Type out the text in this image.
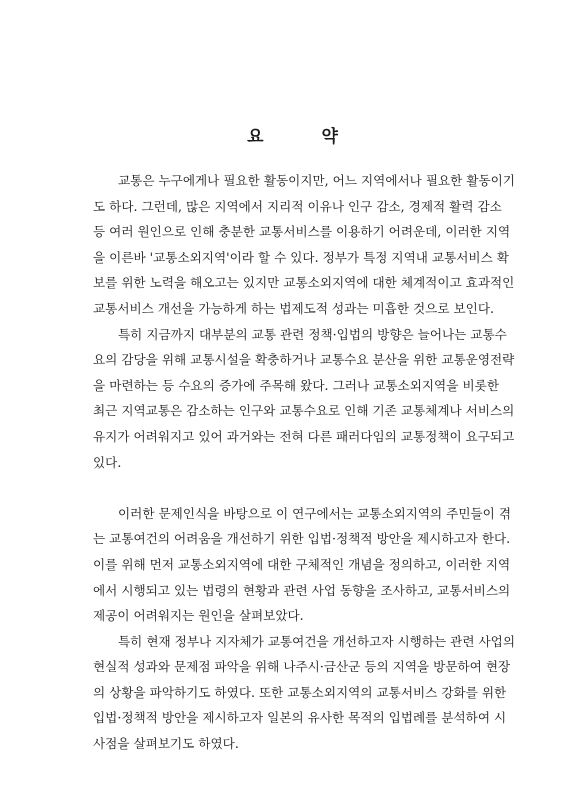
요 약

교통은 누구에게나 필요한 활동이지만, 어느 지역에서나 필요한 활동이기
도 하다. 그런데, 많은 지역에서 지리적 이유나 인구 감소, 경제적 활력 감소
등 여러 원인으로 인해 충분한 교통서비스를 이용하기 어려운데, 이러한 지역
을 이른바 '교통소외지역'이라 할 수 있다. 정부가 특정 지역내 교통서비스 확
보를 위한 노력을 해오고는 있지만 교통소외지역에 대한 체계적이고 효과적인
교통서비스 개선을 가능하게 하는 법제도적 성과는 미흡한 것으로 보인다.

특히 지금까지 대부분의 교통 관련 정책·입법의 방향은 늘어나는 교통수
요의 감당을 위해 교통시설을 확충하거나 교통수요 분산을 위한 교통운영전략
을 마련하는 등 수요의 증가에 주목해 왔다. 그러나 교통소외지역을 비롯한
최근 지역교통은 감소하는 인구와 교통수요로 인해 기존 교통체계나 서비스의
유지가 어려워지고 있어 과거와는 전혀 다른 패러다임의 교통정책이 요구되고
있다.

이러한 문제인식을 바탕으로 이 연구에서는 교통소외지역의 주민들이 겪
는 교통여건의 어려움을 개선하기 위한 입법·정책적 방안을 제시하고자 한다.
이를 위해 먼저 교통소외지역에 대한 구체적인 개념을 정의하고, 이러한 지역
에서 시행되고 있는 법령의 현황과 관련 사업 동향을 조사하고, 교통서비스의
제공이 어려워지는 원인을 살펴보았다.

특히 현재 정부나 지자체가 교통여건을 개선하고자 시행하는 관련 사업의
현실적 성과와 문제점 파악을 위해 나주시·금산군 등의 지역을 방문하여 현장
의 상황을 파악하기도 하였다. 또한 교통소외지역의 교통서비스 강화를 위한
입법·정책적 방안을 제시하고자 일본의 유사한 목적의 입법례를 분석하여 시
사점을 살펴보기도 하였다.
